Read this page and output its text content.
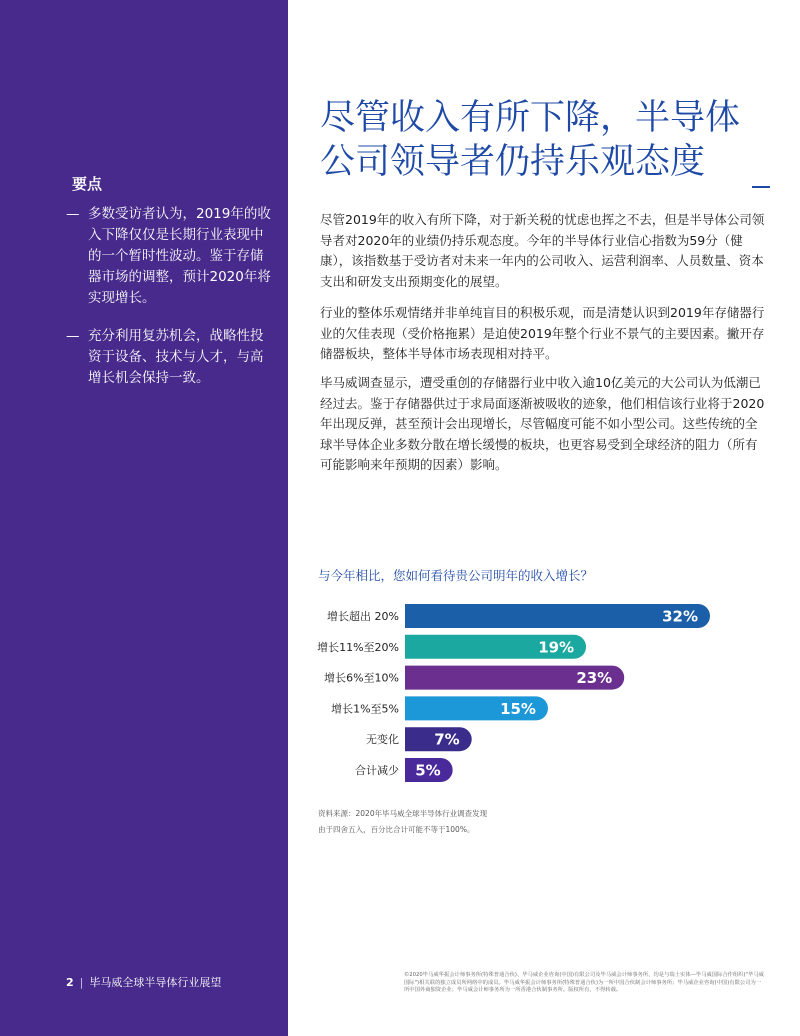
要点
— 多数受访者认为，2019年的收入下降仅仅是长期行业表现中的一个暂时性波动。鉴于存储器市场的调整，预计2020年将实现增长。
— 充分利用复苏机会，战略性投资于设备、技术与人才，与高增长机会保持一致。
2 | 毕马威全球半导体行业展望
尽管收入有所下降，半导体公司领导者仍持乐观态度

尽管2019年的收入有所下降，对于新关税的忧虑也挥之不去，但是半导体公司领导者对2020年的业绩仍持乐观态度。今年的半导体行业信心指数为59分（健康），该指数基于受访者对未来一年内的公司收入、运营利润率、人员数量、资本支出和研发支出预期变化的展望。

行业的整体乐观情绪并非单纯盲目的积极乐观，而是清楚认识到2019年存储器行业的欠佳表现（受价格拖累）是迫使2019年整个行业不景气的主要因素。撇开存储器板块，整体半导体市场表现相对持平。

毕马威调查显示，遭受重创的存储器行业中收入逾10亿美元的大公司认为低潮已经过去。鉴于存储器供过于求局面逐渐被吸收的迹象，他们相信该行业将于2020年出现反弹，甚至预计会出现增长，尽管幅度可能不如小型公司。这些传统的全球半导体企业多数分散在增长缓慢的板块，也更容易受到全球经济的阻力（所有可能影响来年预期的因素）影响。

与今年相比，您如何看待贵公司明年的收入增长？
增长超出 20%	32%
增长11%至20%	19%
增长6%至10%	23%
增长1%至5%	15%
无变化 7%
合计减少 5%
资料来源：2020年毕马威全球半导体行业调查发现
由于四舍五入，百分比合计可能不等于100%。
©2020毕马威华振会计师事务所(特殊普通合伙)、毕马威企业咨询(中国)有限公司及毕马威会计师事务所，均是与瑞士实体—毕马威国际合作组织("毕马威国际")相关联的独立成员所网络中的成员。毕马威华振会计师事务所(特殊普通合伙)为一所中国合伙制会计师事务所；毕马威企业咨询(中国)有限公司为一所中国外商独资企业；毕马威会计师事务所为一所香港合伙制事务所。版权所有，不得转载。
